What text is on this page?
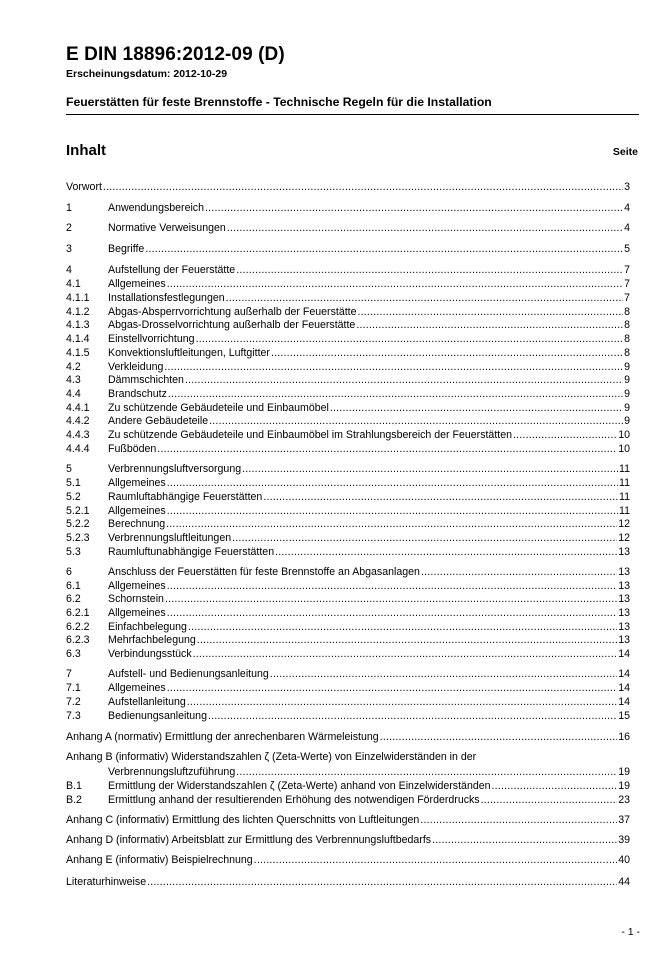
E DIN 18896:2012-09 (D)
Erscheinungsdatum: 2012-10-29
Feuerstätten für feste Brennstoffe - Technische Regeln für die Installation
Inhalt	Seite
Vorwort .....	3
1	Anwendungsbereich .....	4
2	Normative Verweisungen .....	4
3	Begriffe .....	5
4	Aufstellung der Feuerstätte .....	7
4.1	Allgemeines .....	7
4.1.1	Installationsfestlegungen .....	7
4.1.2	Abgas-Absperrvorrichtung außerhalb der Feuerstätte .....	8
4.1.3	Abgas-Drosselvorrichtung außerhalb der Feuerstätte .....	8
4.1.4	Einstellvorrichtung .....	8
4.1.5	Konvektionsluftleitungen, Luftgitter .....	8
4.2	Verkleidung .....	9
4.3	Dämmschichten .....	9
4.4	Brandschutz .....	9
4.4.1	Zu schützende Gebäudeteile und Einbaumöbel .....	9
4.4.2	Andere Gebäudeteile .....	9
4.4.3	Zu schützende Gebäudeteile und Einbaumöbel im Strahlungsbereich der Feuerstätten .....	10
4.4.4	Fußböden .....	10
5	Verbrennungsluftversorgung .....	11
5.1	Allgemeines .....	11
5.2	Raumluftabhängige Feuerstätten .....	11
5.2.1	Allgemeines .....	11
5.2.2	Berechnung .....	12
5.2.3	Verbrennungsluftleitungen .....	12
5.3	Raumluftunabhängige Feuerstätten .....	13
6	Anschluss der Feuerstätten für feste Brennstoffe an Abgasanlagen .....	13
6.1	Allgemeines .....	13
6.2	Schornstein .....	13
6.2.1	Allgemeines .....	13
6.2.2	Einfachbelegung .....	13
6.2.3	Mehrfachbelegung .....	13
6.3	Verbindungsstück .....	14
7	Aufstell- und Bedienungsanleitung .....	14
7.1	Allgemeines .....	14
7.2	Aufstellanleitung .....	14
7.3	Bedienungsanleitung .....	15
Anhang A (normativ) Ermittlung der anrechenbaren Wärmeleistung .....	16
Anhang B (informativ) Widerstandszahlen ζ (Zeta-Werte) von Einzelwiderständen in der
Verbrennungsluftzuführung .....	19
B.1	Ermittlung der Widerstandszahlen ζ (Zeta-Werte) anhand von Einzelwiderständen .....	19
B.2	Ermittlung anhand der resultierenden Erhöhung des notwendigen Förderdrucks .....	23
Anhang C (informativ) Ermittlung des lichten Querschnitts von Luftleitungen .....	37
Anhang D (informativ) Arbeitsblatt zur Ermittlung des Verbrennungsluftbedarfs .....	39
Anhang E (informativ) Beispielrechnung .....	40
Literaturhinweise .....	44
- 1 -
